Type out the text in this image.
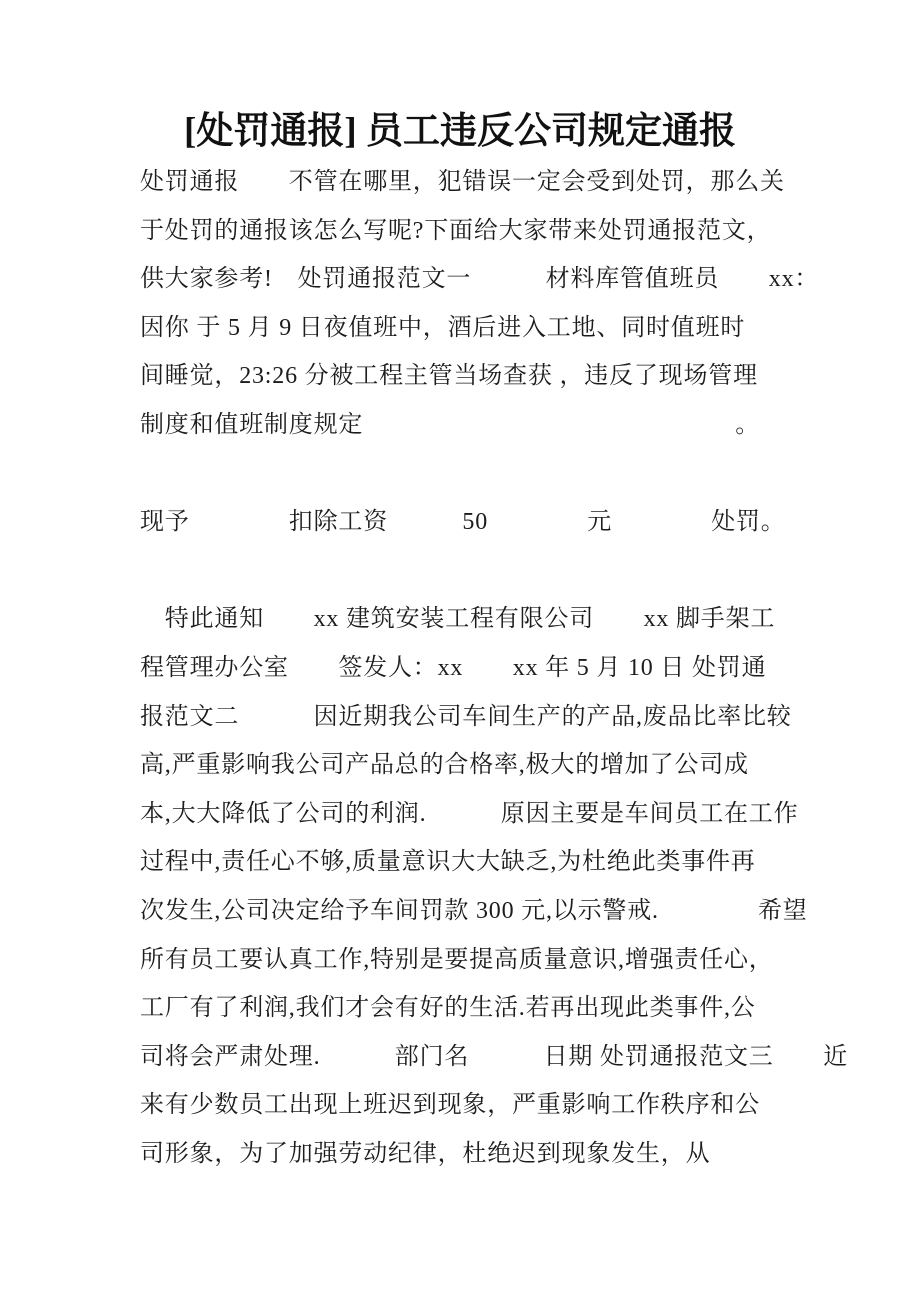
[处罚通报] 员工违反公司规定通报
处罚通报　　不管在哪里，犯错误一定会受到处罚，那么关
于处罚的通报该怎么写呢?下面给大家带来处罚通报范文，
供大家参考!　处罚通报范文一　　　材料库管值班员　　xx：
因你 于 5 月 9 日夜值班中，酒后进入工地、同时值班时
间睡觉，23:26 分被工程主管当场查获 ，违反了现场管理
制度和值班制度规定　　　　　　　　　　　　　　　。
现予　　　　扣除工资　　　50　　　　元　　　　处罚。
　特此通知　　xx 建筑安装工程有限公司　　xx 脚手架工
程管理办公室　　签发人：xx　　xx 年 5 月 10 日 处罚通
报范文二　　　因近期我公司车间生产的产品,废品比率比较
高,严重影响我公司产品总的合格率,极大的增加了公司成
本,大大降低了公司的利润.　　　原因主要是车间员工在工作
过程中,责任心不够,质量意识大大缺乏,为杜绝此类事件再
次发生,公司决定给予车间罚款 300 元,以示警戒.　　　　希望
所有员工要认真工作,特别是要提高质量意识,增强责任心，
工厂有了利润,我们才会有好的生活.若再出现此类事件,公
司将会严肃处理.　　　部门名　　　日期 处罚通报范文三　　近
来有少数员工出现上班迟到现象，严重影响工作秩序和公
司形象，为了加强劳动纪律，杜绝迟到现象发生，从
